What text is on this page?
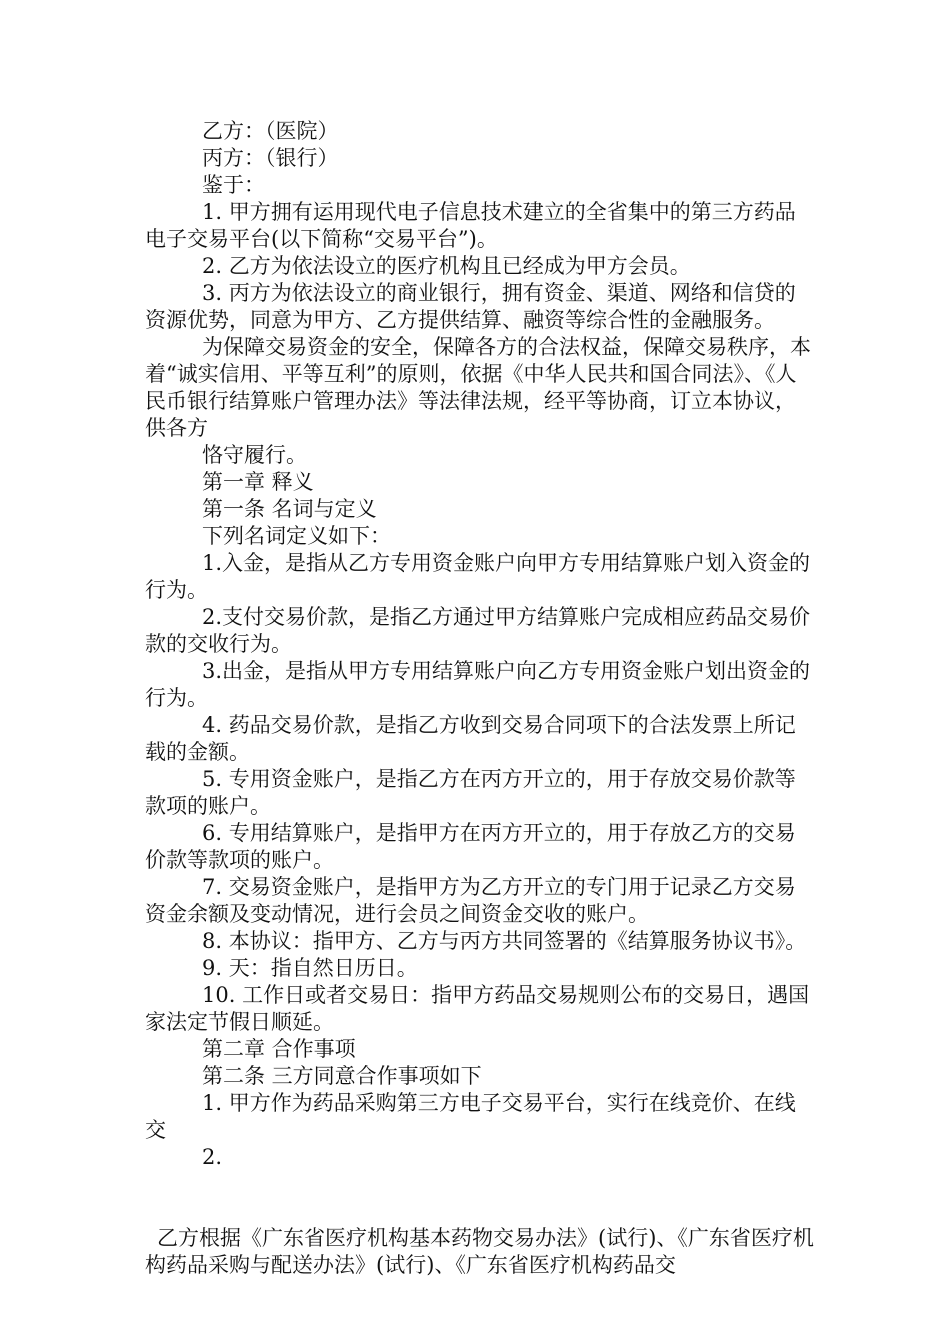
乙方：（医院）

丙方：（银行）

鉴于：

1. 甲方拥有运用现代电子信息技术建立的全省集中的第三方药品电子交易平台(以下简称“交易平台”)。

2. 乙方为依法设立的医疗机构且已经成为甲方会员。

3. 丙方为依法设立的商业银行，拥有资金、渠道、网络和信贷的资源优势，同意为甲方、乙方提供结算、融资等综合性的金融服务。

为保障交易资金的安全，保障各方的合法权益，保障交易秩序，本着“诚实信用、平等互利”的原则，依据《中华人民共和国合同法》、《人民币银行结算账户管理办法》等法律法规，经平等协商，订立本协议，供各方

恪守履行。

第一章 释义

第一条 名词与定义

下列名词定义如下：

1.入金，是指从乙方专用资金账户向甲方专用结算账户划入资金的行为。

2.支付交易价款，是指乙方通过甲方结算账户完成相应药品交易价款的交收行为。

3.出金，是指从甲方专用结算账户向乙方专用资金账户划出资金的行为。

4. 药品交易价款，是指乙方收到交易合同项下的合法发票上所记载的金额。

5. 专用资金账户，是指乙方在丙方开立的，用于存放交易价款等款项的账户。

6. 专用结算账户，是指甲方在丙方开立的，用于存放乙方的交易价款等款项的账户。

7. 交易资金账户，是指甲方为乙方开立的专门用于记录乙方交易资金余额及变动情况，进行会员之间资金交收的账户。

8. 本协议：指甲方、乙方与丙方共同签署的《结算服务协议书》。

9. 天：指自然日历日。

10. 工作日或者交易日：指甲方药品交易规则公布的交易日，遇国家法定节假日顺延。

第二章 合作事项

第二条 三方同意合作事项如下

1. 甲方作为药品采购第三方电子交易平台，实行在线竞价、在线交

2.

乙方根据《广东省医疗机构基本药物交易办法》(试行)、《广东省医疗机构药品采购与配送办法》(试行)、《广东省医疗机构药品交
